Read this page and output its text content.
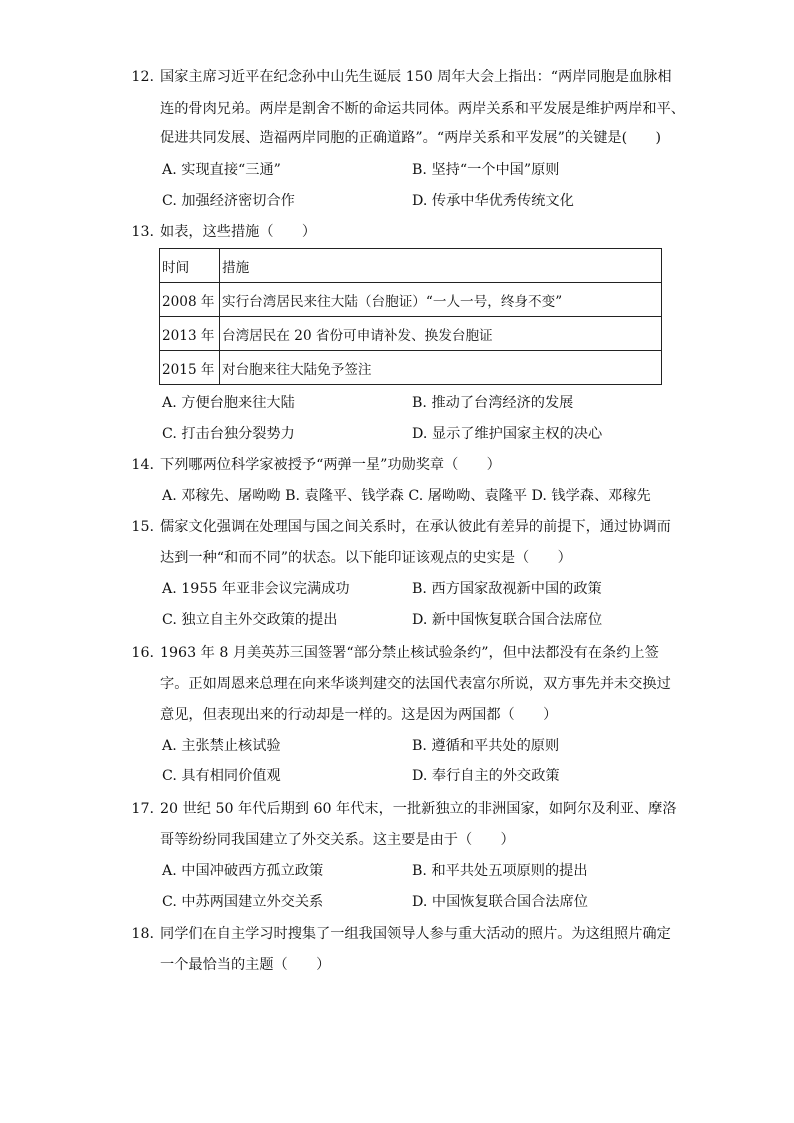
12. 国家主席习近平在纪念孙中山先生诞辰 150 周年大会上指出：“两岸同胞是血脉相
连的骨肉兄弟。两岸是割舍不断的命运共同体。两岸关系和平发展是维护两岸和平、
促进共同发展、造福两岸同胞的正确道路”。“两岸关系和平发展”的关键是(　　)
A. 实现直接“三通”	B. 坚持“一个中国”原则
C. 加强经济密切合作	D. 传承中华优秀传统文化
13. 如表，这些措施（　　）
时间	措施
2008 年	实行台湾居民来往大陆（台胞证）“一人一号，终身不变”
2013 年	台湾居民在 20 省份可申请补发、换发台胞证
2015 年	对台胞来往大陆免予签注
A. 方便台胞来往大陆	B. 推动了台湾经济的发展
C. 打击台独分裂势力	D. 显示了维护国家主权的决心
14. 下列哪两位科学家被授予“两弹一星”功勋奖章（　　）
A. 邓稼先、屠呦呦 B. 袁隆平、钱学森 C. 屠呦呦、袁隆平 D. 钱学森、邓稼先
15. 儒家文化强调在处理国与国之间关系时，在承认彼此有差异的前提下，通过协调而
达到一种“和而不同”的状态。以下能印证该观点的史实是（　　）
A. 1955 年亚非会议完满成功	B. 西方国家敌视新中国的政策
C. 独立自主外交政策的提出	D. 新中国恢复联合国合法席位
16. 1963 年 8 月美英苏三国签署“部分禁止核试验条约”，但中法都没有在条约上签
字。正如周恩来总理在向来华谈判建交的法国代表富尔所说，双方事先并未交换过
意见，但表现出来的行动却是一样的。这是因为两国都（　　）
A. 主张禁止核试验	B. 遵循和平共处的原则
C. 具有相同价值观	D. 奉行自主的外交政策
17. 20 世纪 50 年代后期到 60 年代末，一批新独立的非洲国家，如阿尔及利亚、摩洛
哥等纷纷同我国建立了外交关系。这主要是由于（　　）
A. 中国冲破西方孤立政策	B. 和平共处五项原则的提出
C. 中苏两国建立外交关系	D. 中国恢复联合国合法席位
18. 同学们在自主学习时搜集了一组我国领导人参与重大活动的照片。为这组照片确定
一个最恰当的主题（　　）
